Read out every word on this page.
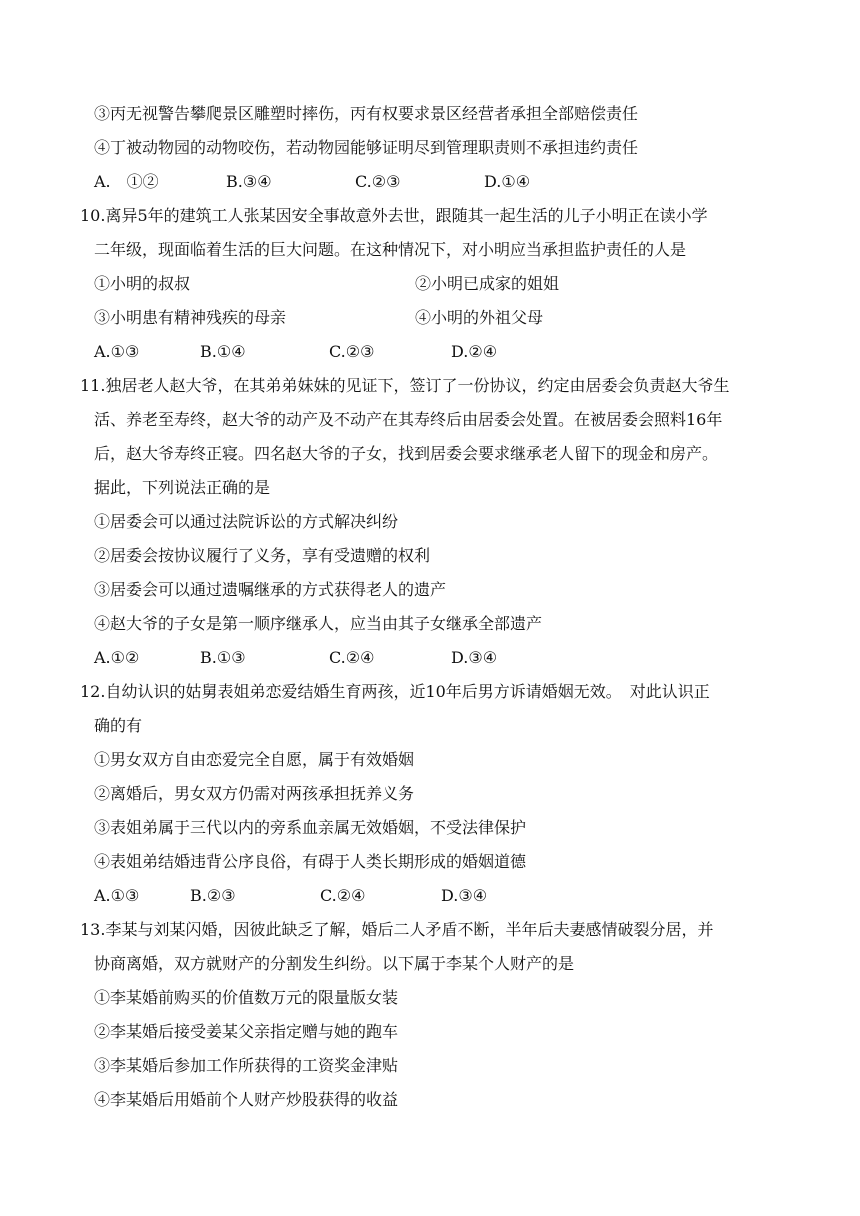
③丙无视警告攀爬景区雕塑时摔伤，丙有权要求景区经营者承担全部赔偿责任
④丁被动物园的动物咬伤，若动物园能够证明尽到管理职责则不承担违约责任
A.　①②	B.③④	C.②③	D.①④
10.离异5年的建筑工人张某因安全事故意外去世，跟随其一起生活的儿子小明正在读小学
二年级，现面临着生活的巨大问题。在这种情况下，对小明应当承担监护责任的人是
①小明的叔叔	②小明已成家的姐姐
③小明患有精神残疾的母亲	④小明的外祖父母
A.①③	B.①④	C.②③	D.②④
11.独居老人赵大爷，在其弟弟妹妹的见证下，签订了一份协议，约定由居委会负责赵大爷生
活、养老至寿终，赵大爷的动产及不动产在其寿终后由居委会处置。在被居委会照料16年
后，赵大爷寿终正寝。四名赵大爷的子女，找到居委会要求继承老人留下的现金和房产。
据此，下列说法正确的是
①居委会可以通过法院诉讼的方式解决纠纷
②居委会按协议履行了义务，享有受遗赠的权利
③居委会可以通过遗嘱继承的方式获得老人的遗产
④赵大爷的子女是第一顺序继承人，应当由其子女继承全部遗产
A.①②	B.①③	C.②④	D.③④
12.自幼认识的姑舅表姐弟恋爱结婚生育两孩，近10年后男方诉请婚姻无效。　对此认识正
确的有
①男女双方自由恋爱完全自愿，属于有效婚姻
②离婚后，男女双方仍需对两孩承担抚养义务
③表姐弟属于三代以内的旁系血亲属无效婚姻，不受法律保护
④表姐弟结婚违背公序良俗，有碍于人类长期形成的婚姻道德
A.①③	B.②③	C.②④	D.③④
13.李某与刘某闪婚，因彼此缺乏了解，婚后二人矛盾不断，半年后夫妻感情破裂分居，并
协商离婚，双方就财产的分割发生纠纷。以下属于李某个人财产的是
①李某婚前购买的价值数万元的限量版女装
②李某婚后接受姜某父亲指定赠与她的跑车
③李某婚后参加工作所获得的工资奖金津贴
④李某婚后用婚前个人财产炒股获得的收益
